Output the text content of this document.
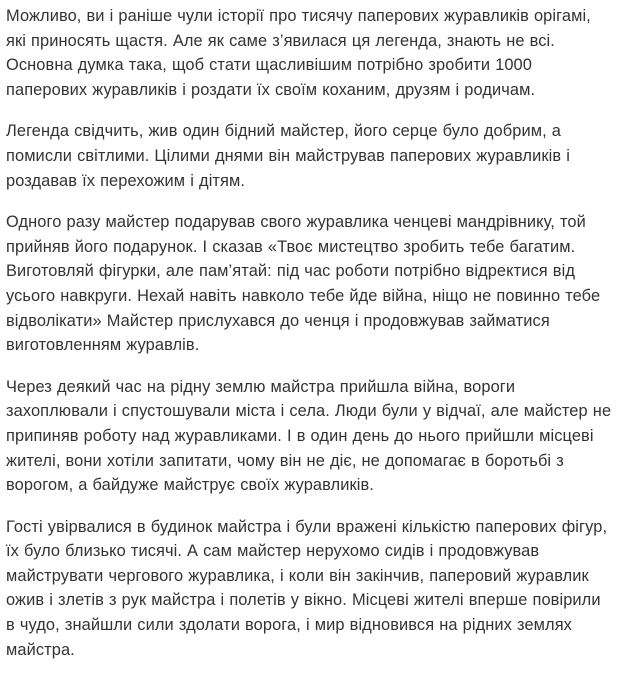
Можливо, ви і раніше чули історії про тисячу паперових журавликів орігамі,
які приносять щастя. Але як саме з’явилася ця легенда, знають не всі.
Основна думка така, щоб стати щасливішим потрібно зробити 1000
паперових журавликів і роздати їх своїм коханим, друзям і родичам.

Легенда свідчить, жив один бідний майстер, його серце було добрим, а
помисли світлими. Цілими днями він майстрував паперових журавликів і
роздавав їх перехожим і дітям.

Одного разу майстер подарував свого журавлика ченцеві мандрівнику, той
прийняв його подарунок. І сказав «Твоє мистецтво зробить тебе багатим.
Виготовляй фігурки, але пам’ятай: під час роботи потрібно відректися від
усього навкруги. Нехай навіть навколо тебе йде війна, ніщо не повинно тебе
відволікати» Майстер прислухався до ченця і продовжував займатися
виготовленням журавлів.

Через деякий час на рідну землю майстра прийшла війна, вороги
захоплювали і спустошували міста і села. Люди були у відчаї, але майстер не
припиняв роботу над журавликами. І в один день до нього прийшли місцеві
жителі, вони хотіли запитати, чому він не діє, не допомагає в боротьбі з
ворогом, а байдуже майструє своїх журавликів.

Гості увірвалися в будинок майстра і були вражені кількістю паперових фігур,
їх було близько тисячі. А сам майстер нерухомо сидів і продовжував
майструвати чергового журавлика, і коли він закінчив, паперовий журавлик
ожив і злетів з рук майстра і полетів у вікно. Місцеві жителі вперше повірили
в чудо, знайшли сили здолати ворога, і мир відновився на рідних землях
майстра.
